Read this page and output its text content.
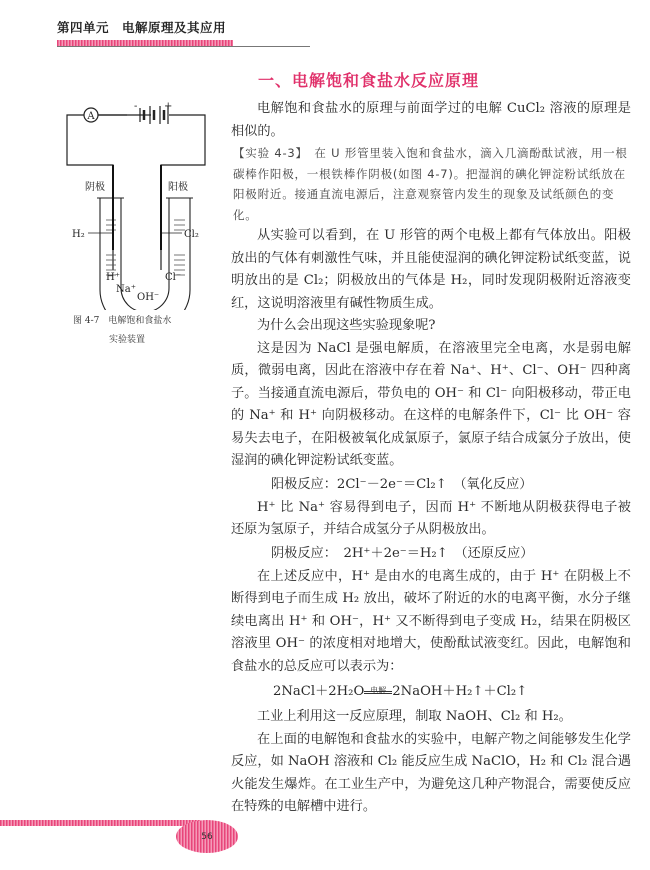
第四单元　电解原理及其应用
一、电解饱和食盐水反应原理
A
-	+
阴极	阳极
H₂	Cl₂
H⁺
Na⁺
OH⁻
Cl⁻
图 4-7　电解饱和食盐水
实验装置

电解饱和食盐水的原理与前面学过的电解 CuCl₂ 溶液的原理是相似的。

【实验 4-3】　在 U 形管里装入饱和食盐水，滴入几滴酚酞试液，用一根碳棒作阳极，一根铁棒作阴极(如图 4-7)。把湿润的碘化钾淀粉试纸放在阳极附近。接通直流电源后，注意观察管内发生的现象及试纸颜色的变化。

从实验可以看到，在 U 形管的两个电极上都有气体放出。阳极放出的气体有刺激性气味，并且能使湿润的碘化钾淀粉试纸变蓝，说明放出的是 Cl₂；阴极放出的气体是 H₂，同时发现阴极附近溶液变红，这说明溶液里有碱性物质生成。

为什么会出现这些实验现象呢?

这是因为 NaCl 是强电解质，在溶液里完全电离，水是弱电解质，微弱电离，因此在溶液中存在着 Na⁺、H⁺、Cl⁻、OH⁻ 四种离子。当接通直流电源后，带负电的 OH⁻ 和 Cl⁻ 向阳极移动，带正电的 Na⁺ 和 H⁺ 向阴极移动。在这样的电解条件下，Cl⁻ 比 OH⁻ 容易失去电子，在阳极被氧化成氯原子，氯原子结合成氯分子放出，使湿润的碘化钾淀粉试纸变蓝。

阳极反应：2Cl⁻－2e⁻＝Cl₂↑　（氧化反应）

H⁺ 比 Na⁺ 容易得到电子，因而 H⁺ 不断地从阴极获得电子被还原为氢原子，并结合成氢分子从阴极放出。

阴极反应：　2H⁺＋2e⁻＝H₂↑　（还原反应）

在上述反应中，H⁺ 是由水的电离生成的，由于 H⁺ 在阴极上不断得到电子而生成 H₂ 放出，破坏了附近的水的电离平衡，水分子继续电离出 H⁺ 和 OH⁻，H⁺ 又不断得到电子变成 H₂，结果在阴极区溶液里 OH⁻ 的浓度相对地增大，使酚酞试液变红。因此，电解饱和食盐水的总反应可以表示为：

2NaCl＋2H₂O 电解 2NaOH＋H₂↑＋Cl₂↑

工业上利用这一反应原理，制取 NaOH、Cl₂ 和 H₂。

在上面的电解饱和食盐水的实验中，电解产物之间能够发生化学反应，如 NaOH 溶液和 Cl₂ 能反应生成 NaClO，H₂ 和 Cl₂ 混合遇火能发生爆炸。在工业生产中，为避免这几种产物混合，需要使反应在特殊的电解槽中进行。

56
